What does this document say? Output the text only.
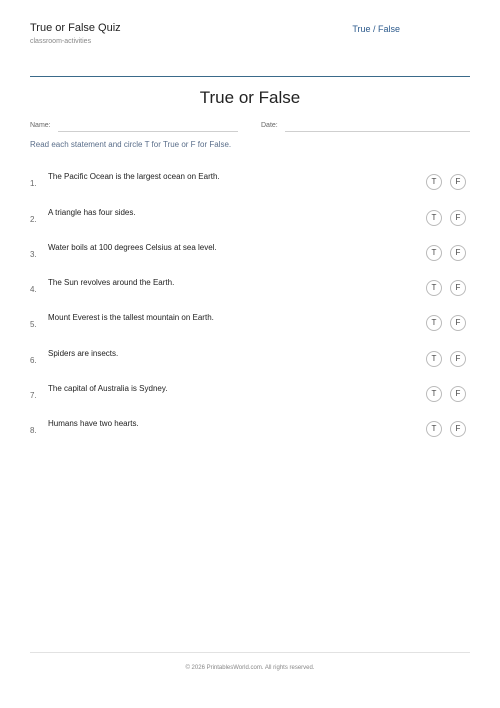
True or False Quiz
classroom-activities
True / False
True or False
Name:	Date:
Read each statement and circle T for True or F for False.
1.
The Pacific Ocean is the largest ocean on Earth.
T	F
2.
A triangle has four sides.
T	F
3.
Water boils at 100 degrees Celsius at sea level.
T	F
4.
The Sun revolves around the Earth.
T	F
5.
Mount Everest is the tallest mountain on Earth.
T	F
6.
Spiders are insects.
T	F
7.
The capital of Australia is Sydney.
T	F
8.
Humans have two hearts.
T	F
© 2026 PrintablesWorld.com. All rights reserved.
